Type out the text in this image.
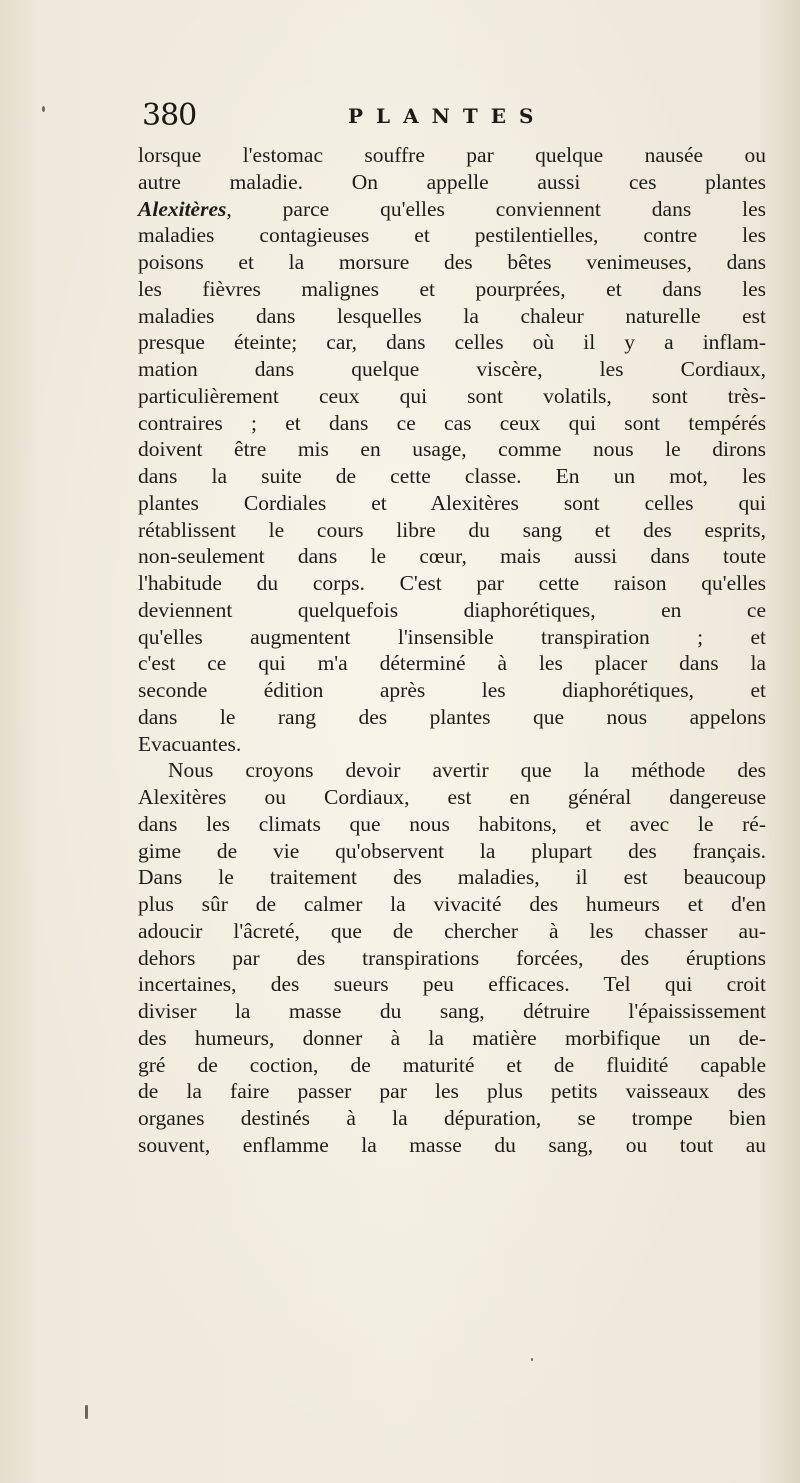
380	PLANTES
lorsque l'estomac souffre par quelque nausée ou
autre maladie. On appelle aussi ces plantes
Alexitères, parce qu'elles conviennent dans les
maladies contagieuses et pestilentielles, contre les
poisons et la morsure des bêtes venimeuses, dans
les fièvres malignes et pourprées, et dans les
maladies dans lesquelles la chaleur naturelle est
presque éteinte; car, dans celles où il y a inflam-
mation dans quelque viscère, les Cordiaux,
particulièrement ceux qui sont volatils, sont très-
contraires ; et dans ce cas ceux qui sont tempérés
doivent être mis en usage, comme nous le dirons
dans la suite de cette classe. En un mot, les
plantes Cordiales et Alexitères sont celles qui
rétablissent le cours libre du sang et des esprits,
non-seulement dans le cœur, mais aussi dans toute
l'habitude du corps. C'est par cette raison qu'elles
deviennent quelquefois diaphorétiques, en ce
qu'elles augmentent l'insensible transpiration ; et
c'est ce qui m'a déterminé à les placer dans la
seconde édition après les diaphorétiques, et
dans le rang des plantes que nous appelons
Evacuantes.
Nous croyons devoir avertir que la méthode des
Alexitères ou Cordiaux, est en général dangereuse
dans les climats que nous habitons, et avec le ré-
gime de vie qu'observent la plupart des français.
Dans le traitement des maladies, il est beaucoup
plus sûr de calmer la vivacité des humeurs et d'en
adoucir l'âcreté, que de chercher à les chasser au-
dehors par des transpirations forcées, des éruptions
incertaines, des sueurs peu efficaces. Tel qui croit
diviser la masse du sang, détruire l'épaississement
des humeurs, donner à la matière morbifique un de-
gré de coction, de maturité et de fluidité capable
de la faire passer par les plus petits vaisseaux des
organes destinés à la dépuration, se trompe bien
souvent, enflamme la masse du sang, ou tout au
